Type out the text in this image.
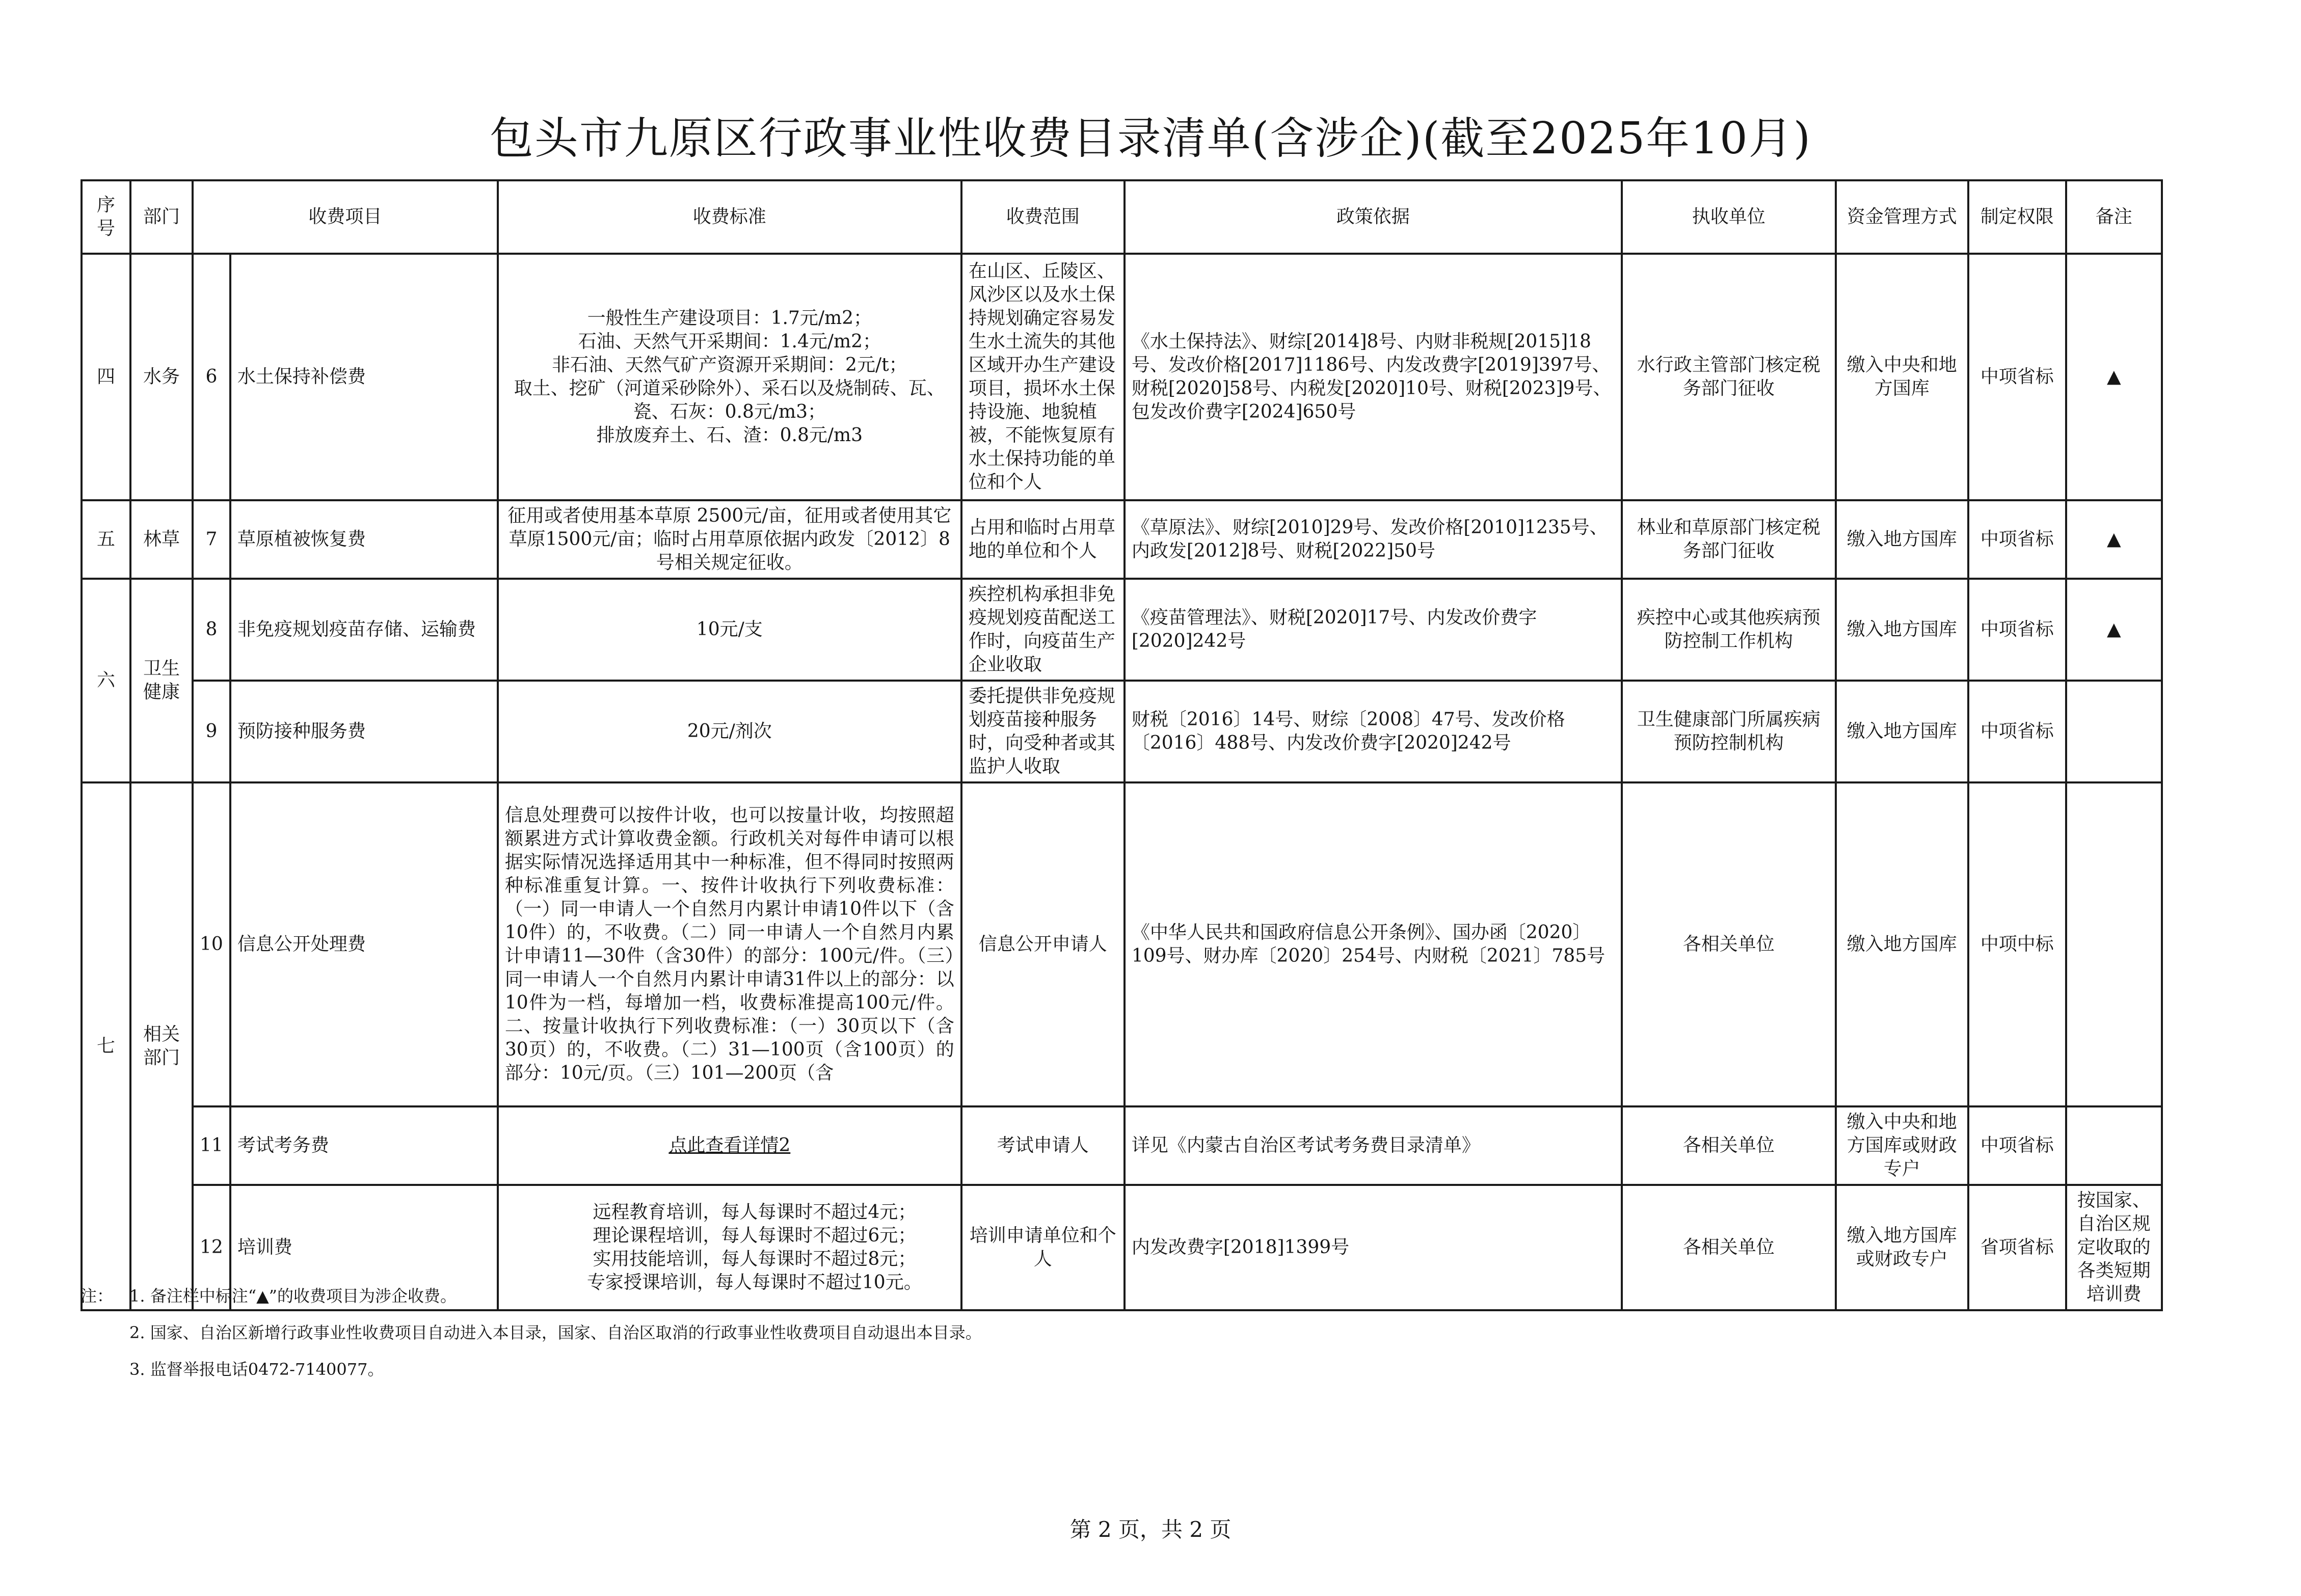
包头市九原区行政事业性收费目录清单(含涉企)(截至2025年10月)
序号	部门	收费项目		收费标准	收费范围	政策依据	执收单位	资金管理方式	制定权限	备注
四	水务	6	水土保持补偿费	一般性生产建设项目：1.7元/m2；
石油、天然气开采期间：1.4元/m2；
非石油、天然气矿产资源开采期间：2元/t；
取土、挖矿（河道采砂除外）、采石以及烧制砖、瓦、瓷、石灰：0.8元/m3；
排放废弃土、石、渣：0.8元/m3	在山区、丘陵区、风沙区以及水土保持规划确定容易发生水土流失的其他区域开办生产建设项目，损坏水土保持设施、地貌植被，不能恢复原有水土保持功能的单位和个人	《水土保持法》、财综[2014]8号、内财非税规[2015]18号、发改价格[2017]1186号、内发改费字[2019]397号、财税[2020]58号、内税发[2020]10号、财税[2023]9号、包发改价费字[2024]650号	水行政主管部门核定税务部门征收	缴入中央和地方国库	中项省标	▲
五	林草	7	草原植被恢复费	征用或者使用基本草原 2500元/亩，征用或者使用其它草原1500元/亩；临时占用草原依据内政发〔2012〕8号相关规定征收。	占用和临时占用草地的单位和个人	《草原法》、财综[2010]29号、发改价格[2010]1235号、内政发[2012]8号、财税[2022]50号	林业和草原部门核定税务部门征收	缴入地方国库	中项省标	▲
六	卫生健康	8	非免疫规划疫苗存储、运输费	10元/支	疾控机构承担非免疫规划疫苗配送工作时，向疫苗生产企业收取	《疫苗管理法》、财税[2020]17号、内发改价费字[2020]242号	疾控中心或其他疾病预防控制工作机构	缴入地方国库	中项省标	▲
		9	预防接种服务费	20元/剂次	委托提供非免疫规划疫苗接种服务时，向受种者或其监护人收取	财税〔2016〕14号、财综〔2008〕47号、发改价格〔2016〕488号、内发改价费字[2020]242号	卫生健康部门所属疾病预防控制机构	缴入地方国库	中项省标	
七	相关部门	10	信息公开处理费	信息处理费可以按件计收，也可以按量计收，均按照超额累进方式计算收费金额。行政机关对每件申请可以根据实际情况选择适用其中一种标准，但不得同时按照两种标准重复计算。一、按件计收执行下列收费标准：（一）同一申请人一个自然月内累计申请10件以下（含10件）的，不收费。（二）同一申请人一个自然月内累计申请11—30件（含30件）的部分：100元/件。（三）同一申请人一个自然月内累计申请31件以上的部分：以10件为一档，每增加一档，收费标准提高100元/件。二、按量计收执行下列收费标准：（一）30页以下（含30页）的，不收费。（二）31—100页（含100页）的部分：10元/页。（三）101—200页（含	信息公开申请人	《中华人民共和国政府信息公开条例》、国办函〔2020〕109号、财办库〔2020〕254号、内财税〔2021〕785号	各相关单位	缴入地方国库	中项中标	
		11	考试考务费	点此查看详情2	考试申请人	详见《内蒙古自治区考试考务费目录清单》	各相关单位	缴入中央和地方国库或财政专户	中项省标	
		12	培训费	远程教育培训，每人每课时不超过4元；
理论课程培训，每人每课时不超过6元；
实用技能培训，每人每课时不超过8元；
专家授课培训，每人每课时不超过10元。	培训申请单位和个人	内发改费字[2018]1399号	各相关单位	缴入地方国库或财政专户	省项省标	按国家、自治区规定收取的各类短期培训费
注： 1. 备注栏中标注“▲”的收费项目为涉企收费。
2. 国家、自治区新增行政事业性收费项目自动进入本目录，国家、自治区取消的行政事业性收费项目自动退出本目录。
3. 监督举报电话0472-7140077。
第 2 页，共 2 页
